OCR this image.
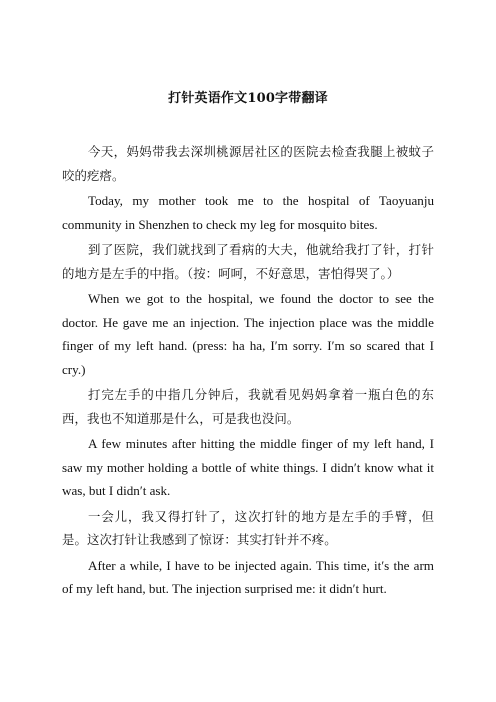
打针英语作文100字带翻译

今天，妈妈带我去深圳桃源居社区的医院去检查我腿上被蚊子咬的疙瘩。

Today, my mother took me to the hospital of Taoyuanju community in Shenzhen to check my leg for mosquito bites.

到了医院，我们就找到了看病的大夫，他就给我打了针，打针的地方是左手的中指。（按：呵呵，不好意思，害怕得哭了。）

When we got to the hospital, we found the doctor to see the doctor. He gave me an injection. The injection place was the middle finger of my left hand. (press: ha ha, I′m sorry. I′m so scared that I cry.)

打完左手的中指几分钟后，我就看见妈妈拿着一瓶白色的东西，我也不知道那是什么，可是我也没问。

A few minutes after hitting the middle finger of my left hand, I saw my mother holding a bottle of white things. I didn′t know what it was, but I didn′t ask.

一会儿，我又得打针了，这次打针的地方是左手的手臂，但是。这次打针让我感到了惊讶：其实打针并不疼。

After a while, I have to be injected again. This time, it′s the arm of my left hand, but. The injection surprised me: it didn′t hurt.
